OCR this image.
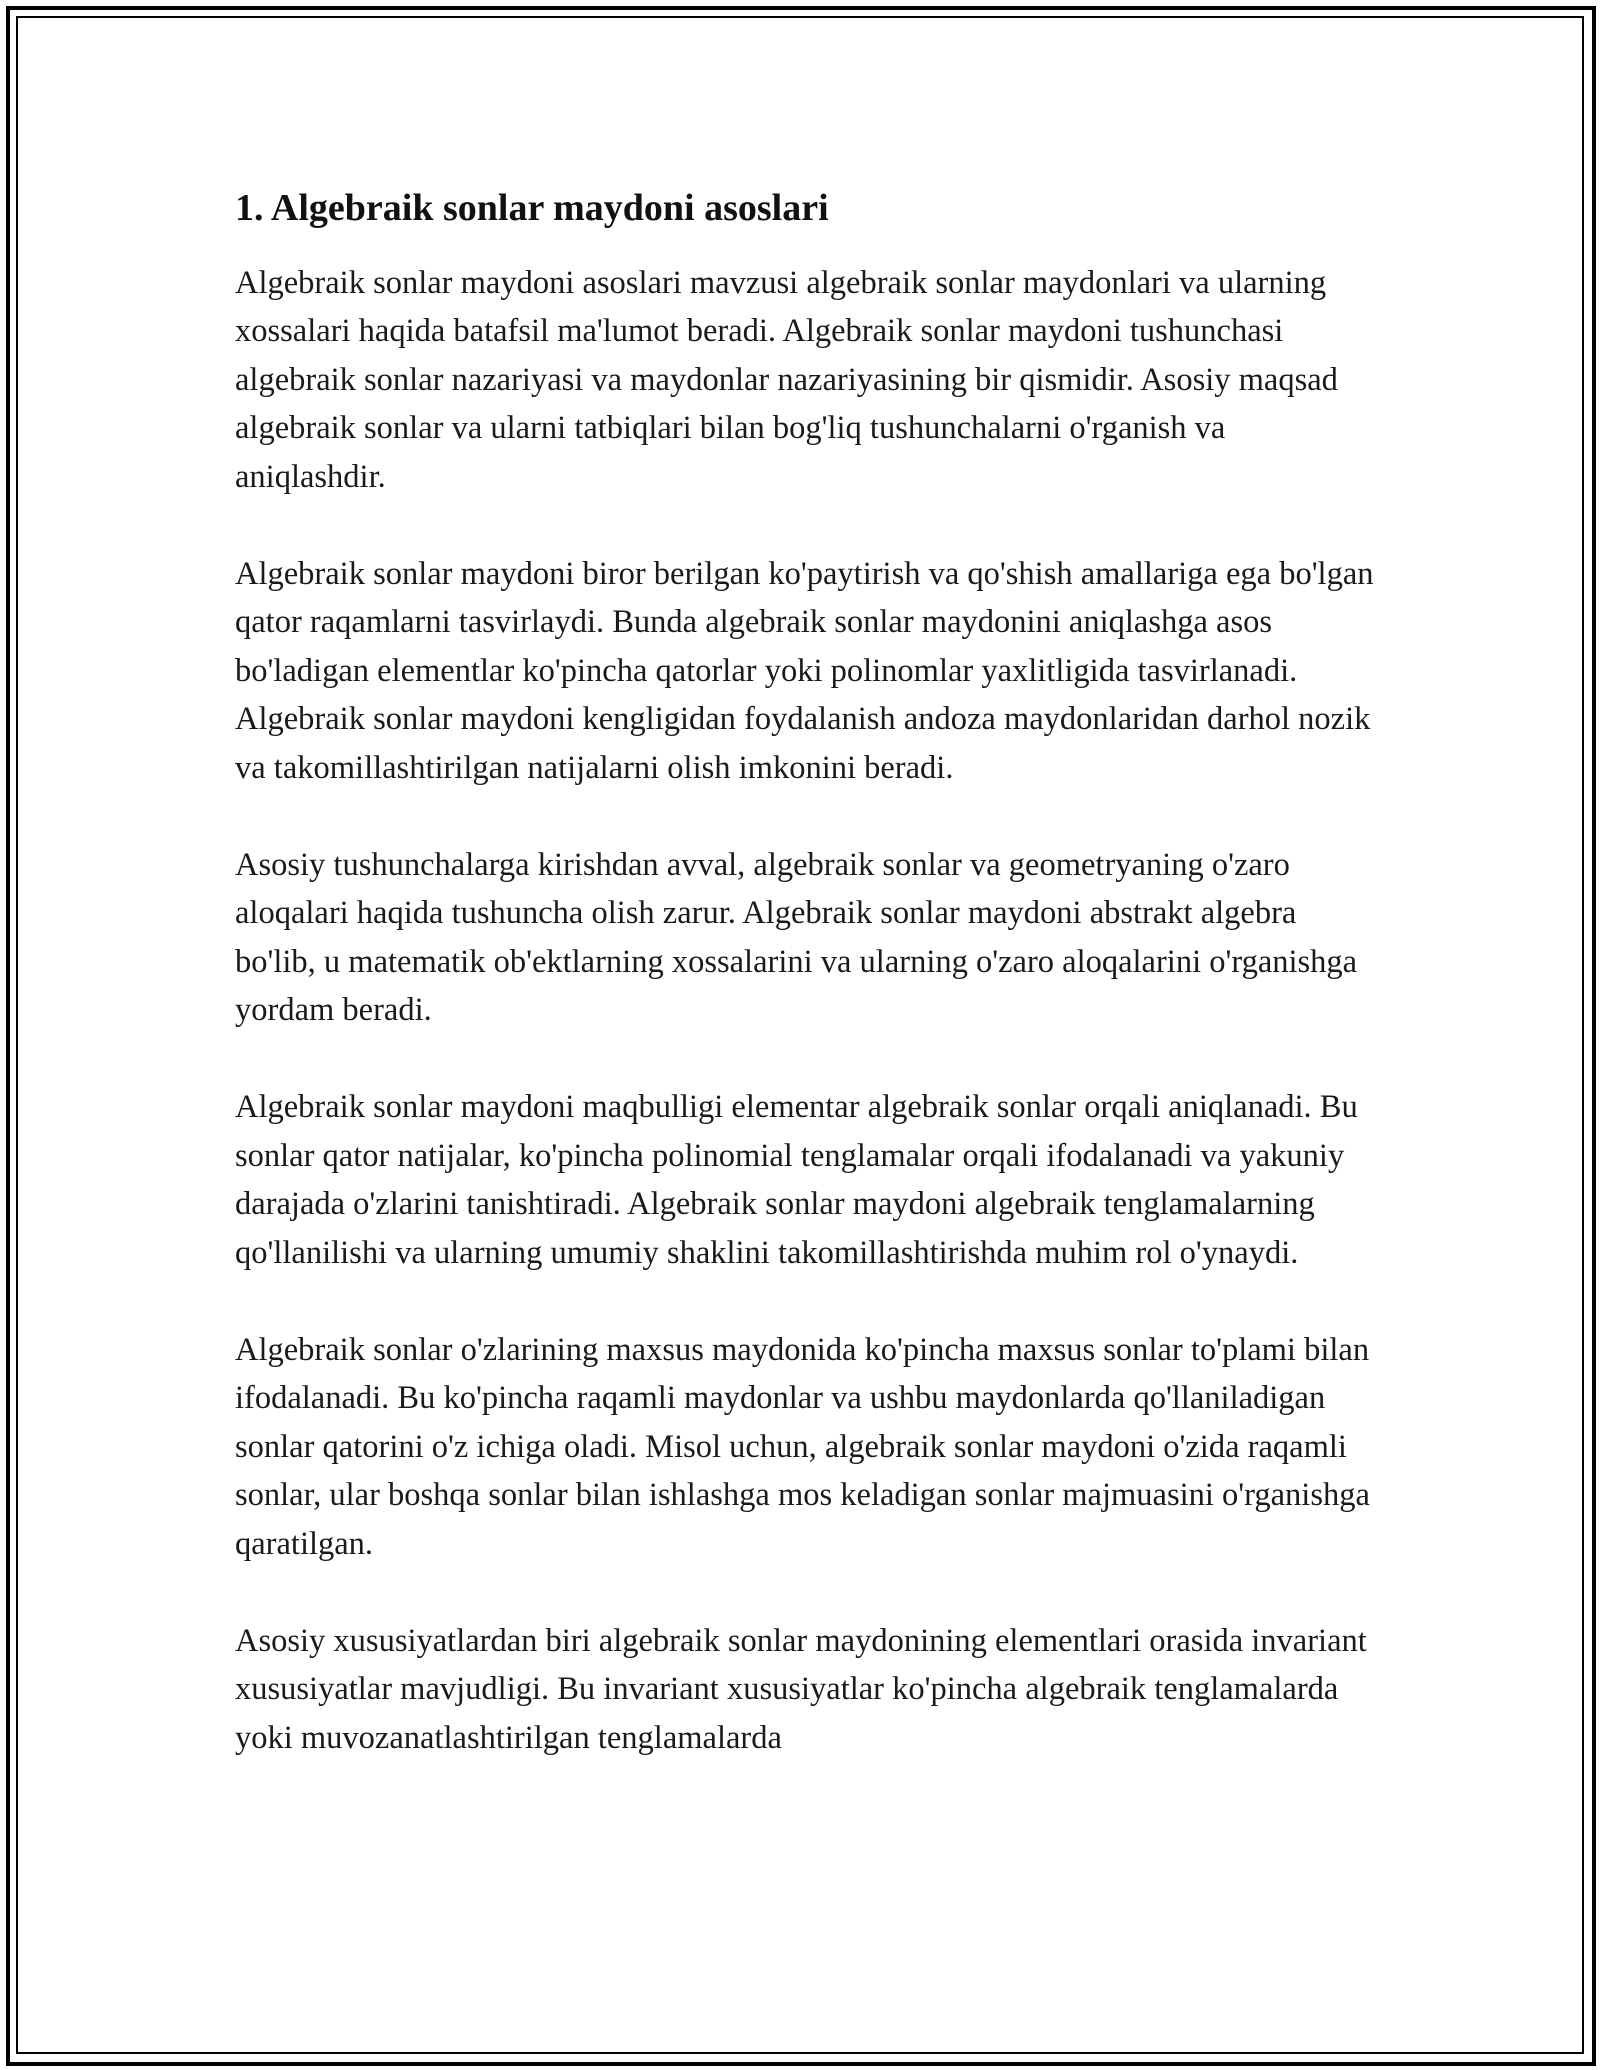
1. Algebraik sonlar maydoni asoslari

Algebraik sonlar maydoni asoslari mavzusi algebraik sonlar maydonlari va ularning xossalari haqida batafsil ma'lumot beradi. Algebraik sonlar maydoni tushunchasi algebraik sonlar nazariyasi va maydonlar nazariyasining bir qismidir. Asosiy maqsad algebraik sonlar va ularni tatbiqlari bilan bog'liq tushunchalarni o'rganish va aniqlashdir.

Algebraik sonlar maydoni biror berilgan ko'paytirish va qo'shish amallariga ega bo'lgan qator raqamlarni tasvirlaydi. Bunda algebraik sonlar maydonini aniqlashga asos bo'ladigan elementlar ko'pincha qatorlar yoki polinomlar yaxlitligida tasvirlanadi. Algebraik sonlar maydoni kengligidan foydalanish andoza maydonlaridan darhol nozik va takomillashtirilgan natijalarni olish imkonini beradi.

Asosiy tushunchalarga kirishdan avval, algebraik sonlar va geometryaning o'zaro aloqalari haqida tushuncha olish zarur. Algebraik sonlar maydoni abstrakt algebra bo'lib, u matematik ob'ektlarning xossalarini va ularning o'zaro aloqalarini o'rganishga yordam beradi.

Algebraik sonlar maydoni maqbulligi elementar algebraik sonlar orqali aniqlanadi. Bu sonlar qator natijalar, ko'pincha polinomial tenglamalar orqali ifodalanadi va yakuniy darajada o'zlarini tanishtiradi. Algebraik sonlar maydoni algebraik tenglamalarning qo'llanilishi va ularning umumiy shaklini takomillashtirishda muhim rol o'ynaydi.

Algebraik sonlar o'zlarining maxsus maydonida ko'pincha maxsus sonlar to'plami bilan ifodalanadi. Bu ko'pincha raqamli maydonlar va ushbu maydonlarda qo'llaniladigan sonlar qatorini o'z ichiga oladi. Misol uchun, algebraik sonlar maydoni o'zida raqamli sonlar, ular boshqa sonlar bilan ishlashga mos keladigan sonlar majmuasini o'rganishga qaratilgan.

Asosiy xususiyatlardan biri algebraik sonlar maydonining elementlari orasida invariant xususiyatlar mavjudligi. Bu invariant xususiyatlar ko'pincha algebraik tenglamalarda yoki muvozanatlashtirilgan tenglamalarda
